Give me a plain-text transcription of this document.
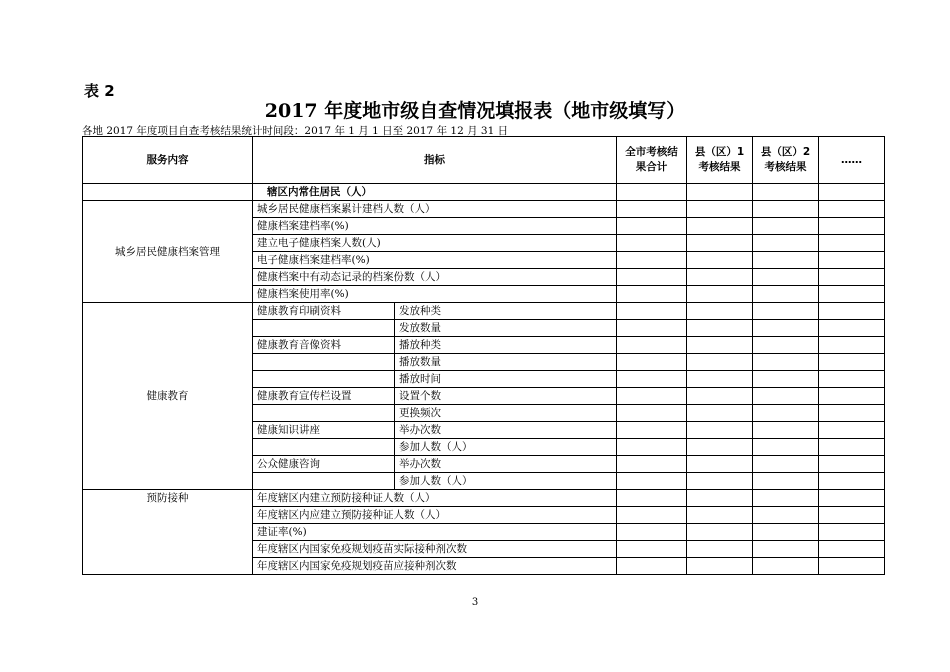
表 2
2017 年度地市级自查情况填报表（地市级填写）
各地 2017 年度项目自查考核结果统计时间段：2017 年 1 月 1 日至 2017 年 12 月 31 日
服务内容	指标		全市考核结果合计	县（区）1考核结果	县（区）2考核结果	……
	辖区内常住居民（人）					
城乡居民健康档案管理	城乡居民健康档案累计建档人数（人）					
	健康档案建档率(%)					
	建立电子健康档案人数(人)					
	电子健康档案建档率(%)					
	健康档案中有动态记录的档案份数（人）					
	健康档案使用率(%)					
健康教育	健康教育印刷资料	发放种类				
		发放数量				
	健康教育音像资料	播放种类				
		播放数量				
		播放时间				
	健康教育宣传栏设置	设置个数				
		更换频次				
	健康知识讲座	举办次数				
		参加人数（人）				
	公众健康咨询	举办次数				
		参加人数（人）				
预防接种	年度辖区内建立预防接种证人数（人）					
	年度辖区内应建立预防接种证人数（人）					
	建证率(%)					
	年度辖区内国家免疫规划疫苗实际接种剂次数					
	年度辖区内国家免疫规划疫苗应接种剂次数					
3
